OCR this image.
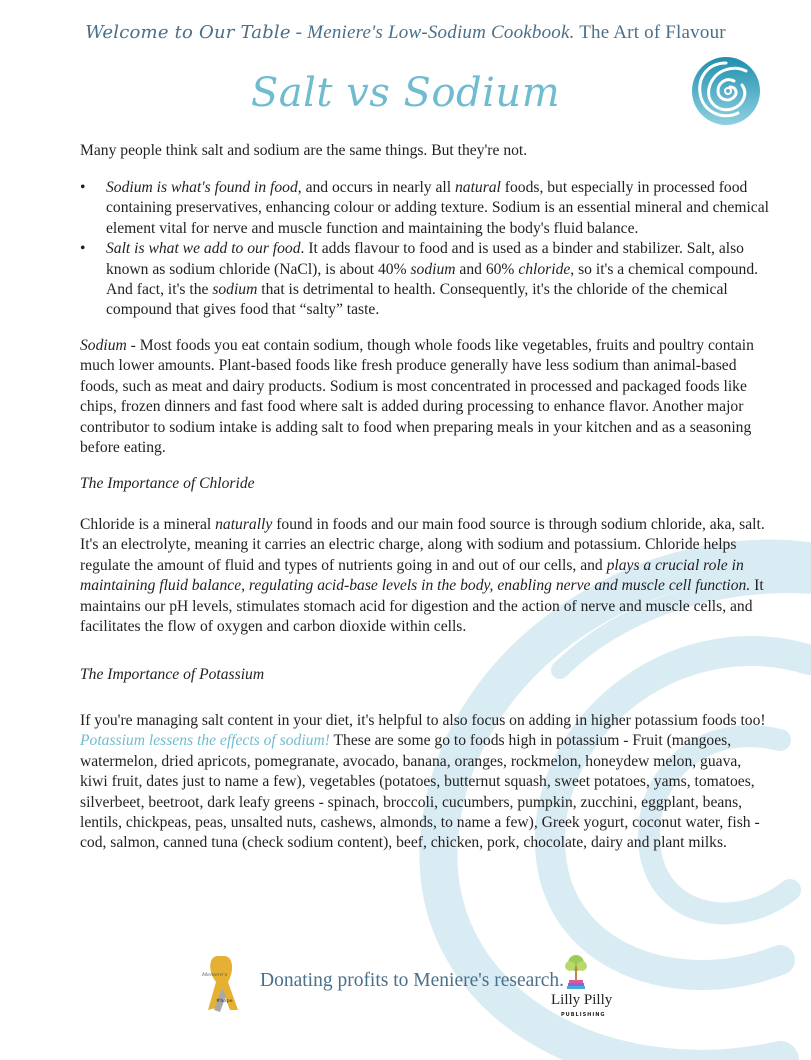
Welcome to Our Table - Meniere's Low-Sodium Cookbook. The Art of Flavour
Salt vs Sodium

Many people think salt and sodium are the same things. But they're not.

• Sodium is what's found in food, and occurs in nearly all natural foods, but especially in processed food containing preservatives, enhancing colour or adding texture. Sodium is an essential mineral and chemical element vital for nerve and muscle function and maintaining the body's fluid balance.
• Salt is what we add to our food. It adds flavour to food and is used as a binder and stabilizer. Salt, also known as sodium chloride (NaCl), is about 40% sodium and 60% chloride, so it's a chemical compound. And fact, it's the sodium that is detrimental to health. Consequently, it's the chloride of the chemical compound that gives food that “salty” taste.

Sodium - Most foods you eat contain sodium, though whole foods like vegetables, fruits and poultry contain much lower amounts. Plant-based foods like fresh produce generally have less sodium than animal-based foods, such as meat and dairy products. Sodium is most concentrated in processed and packaged foods like chips, frozen dinners and fast food where salt is added during processing to enhance flavor. Another major contributor to sodium intake is adding salt to food when preparing meals in your kitchen and as a seasoning before eating.

The Importance of Chloride

Chloride is a mineral naturally found in foods and our main food source is through sodium chloride, aka, salt. It's an electrolyte, meaning it carries an electric charge, along with sodium and potassium. Chloride helps regulate the amount of fluid and types of nutrients going in and out of our cells, and plays a crucial role in maintaining fluid balance, regulating acid-base levels in the body, enabling nerve and muscle cell function. It maintains our pH levels, stimulates stomach acid for digestion and the action of nerve and muscle cells, and facilitates the flow of oxygen and carbon dioxide within cells.

The Importance of Potassium

If you're managing salt content in your diet, it's helpful to also focus on adding in higher potassium foods too! Potassium lessens the effects of sodium! These are some go to foods high in potassium - Fruit (mangoes, watermelon, dried apricots, pomegranate, avocado, banana, oranges, rockmelon, honeydew melon, guava, kiwi fruit, dates just to name a few), vegetables (potatoes, butternut squash, sweet potatoes, yams, tomatoes, silverbeet, beetroot, dark leafy greens - spinach, broccoli, cucumbers, pumpkin, zucchini, eggplant, beans, lentils, chickpeas, peas, unsalted nuts, cashews, almonds, to name a few), Greek yogurt, coconut water, fish - cod, salmon, canned tuna (check sodium content), beef, chicken, pork, chocolate, dairy and plant milks.

Meniere's
#hope
Donating profits to Meniere's research.
Lilly Pilly
PUBLISHING
